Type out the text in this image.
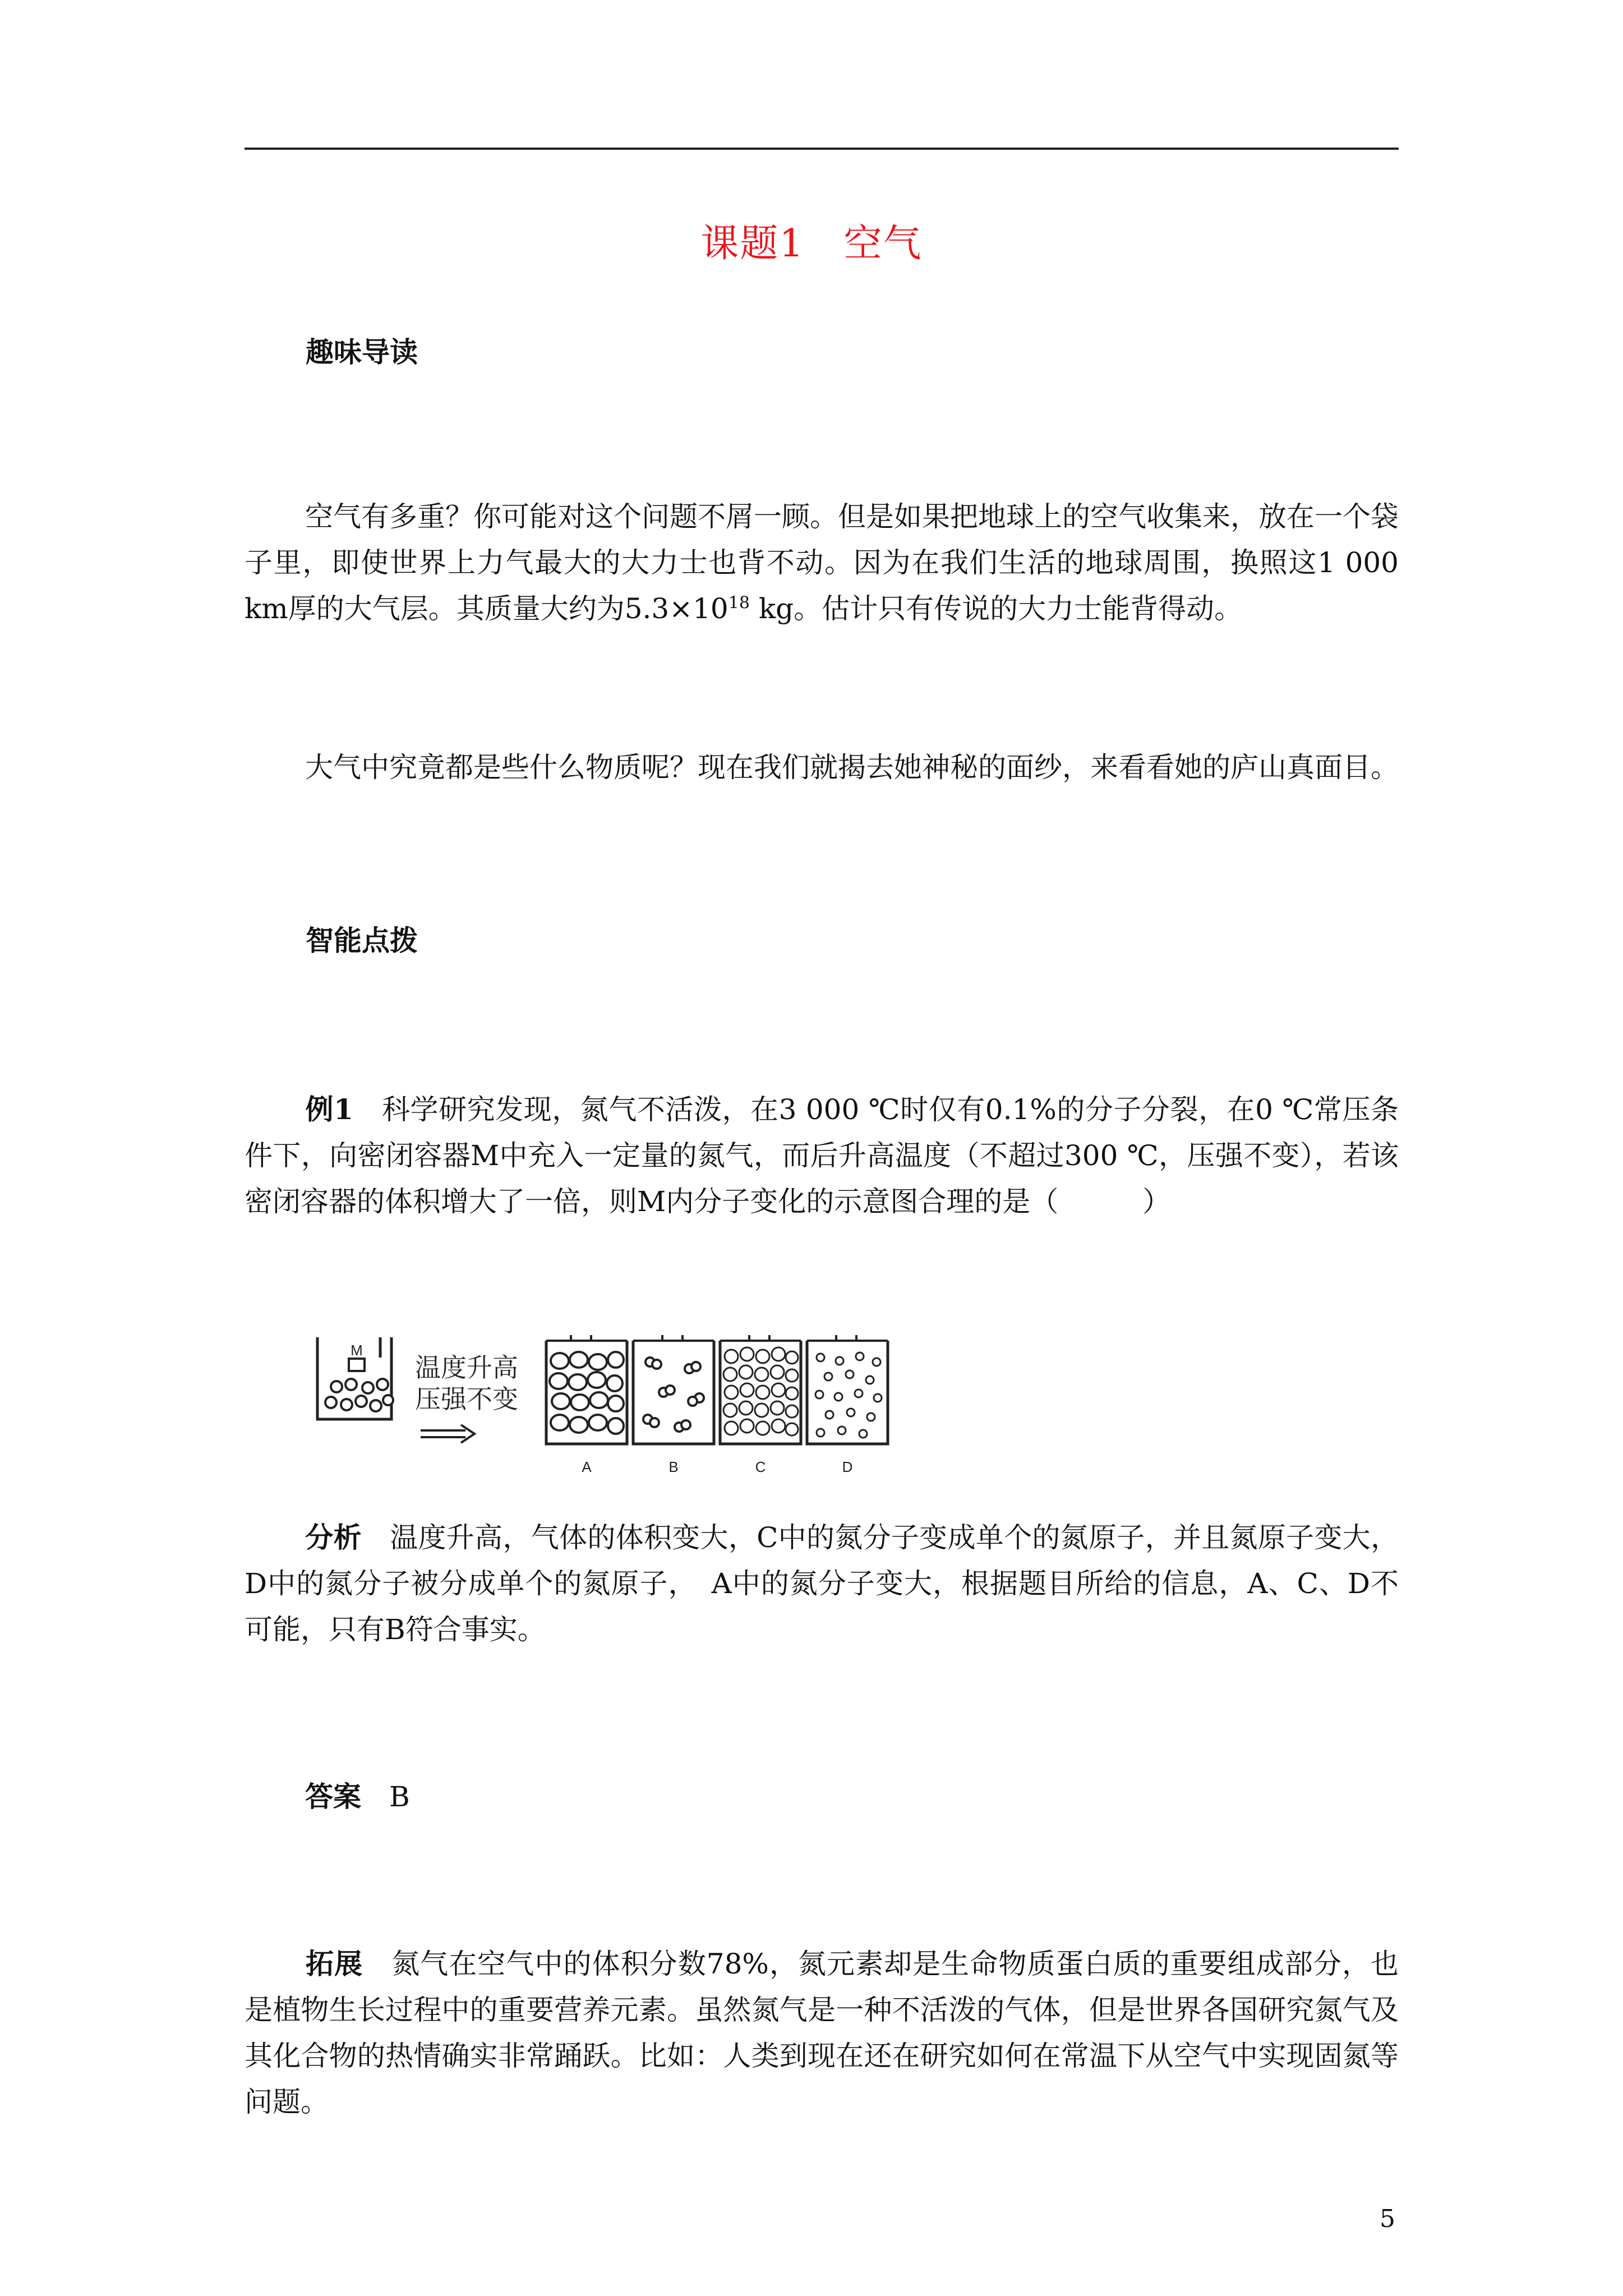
课题1　空气
趣味导读
空气有多重？你可能对这个问题不屑一顾。但是如果把地球上的空气收集来，放在一个袋子里，即使世界上力气最大的大力士也背不动。因为在我们生活的地球周围，换照这1 000 km厚的大气层。其质量大约为$5.3\times 10^{18}$ kg。估计只有传说的大力士能背得动。
大气中究竟都是些什么物质呢？现在我们就揭去她神秘的面纱，来看看她的庐山真面目。
智能点拨
例1　科学研究发现，氮气不活泼，在3 000 ℃时仅有0.1%的分子分裂，在0 ℃常压条件下，向密闭容器M中充入一定量的氮气，而后升高温度（不超过300 ℃，压强不变），若该密闭容器的体积增大了一倍，则M内分子变化的示意图合理的是（　　　）
M
温度升高
压强不变
A	B	C	D
分析　温度升高，气体的体积变大，C中的氮分子变成单个的氮原子，并且氮原子变大，D中的氮分子被分成单个的氮原子，　A中的氮分子变大，根据题目所给的信息，A、C、D不可能，只有B符合事实。
答案　B
拓展　氮气在空气中的体积分数78%，氮元素却是生命物质蛋白质的重要组成部分，也是植物生长过程中的重要营养元素。虽然氮气是一种不活泼的气体，但是世界各国研究氮气及其化合物的热情确实非常踊跃。比如：人类到现在还在研究如何在常温下从空气中实现固氮等问题。
5
